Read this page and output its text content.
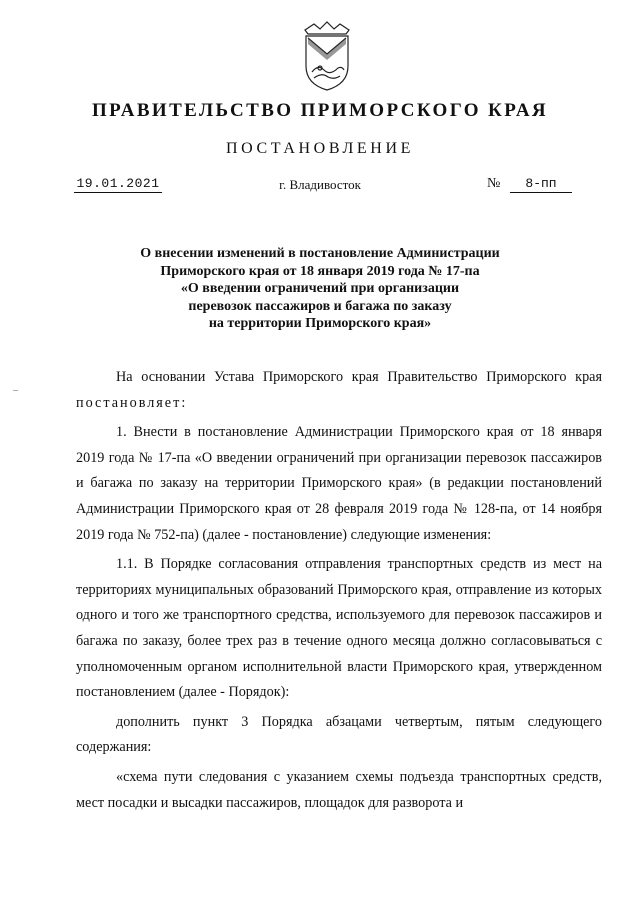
ПРАВИТЕЛЬСТВО ПРИМОРСКОГО КРАЯ
ПОСТАНОВЛЕНИЕ
19.01.2021	г. Владивосток	№	8-пп
О внесении изменений в постановление Администрации
Приморского края от 18 января 2019 года № 17-па
«О введении ограничений при организации
перевозок пассажиров и багажа по заказу
на территории Приморского края»
–

На основании Устава Приморского края Правительство Приморского края постановляет:

1. Внести в постановление Администрации Приморского края от 18 января 2019 года № 17-па «О введении ограничений при организации перевозок пассажиров и багажа по заказу на территории Приморского края» (в редакции постановлений Администрации Приморского края от 28 февраля 2019 года № 128-па, от 14 ноября 2019 года № 752-па) (далее - постановление) следующие изменения:

1.1. В Порядке согласования отправления транспортных средств из мест на территориях муниципальных образований Приморского края, отправление из которых одного и того же транспортного средства, используемого для перевозок пассажиров и багажа по заказу, более трех раз в течение одного месяца должно согласовываться с уполномоченным органом исполнительной власти Приморского края, утвержденном постановлением (далее - Порядок):

дополнить пункт 3 Порядка абзацами четвертым, пятым следующего содержания:

«схема пути следования с указанием схемы подъезда транспортных средств, мест посадки и высадки пассажиров, площадок для разворота и
